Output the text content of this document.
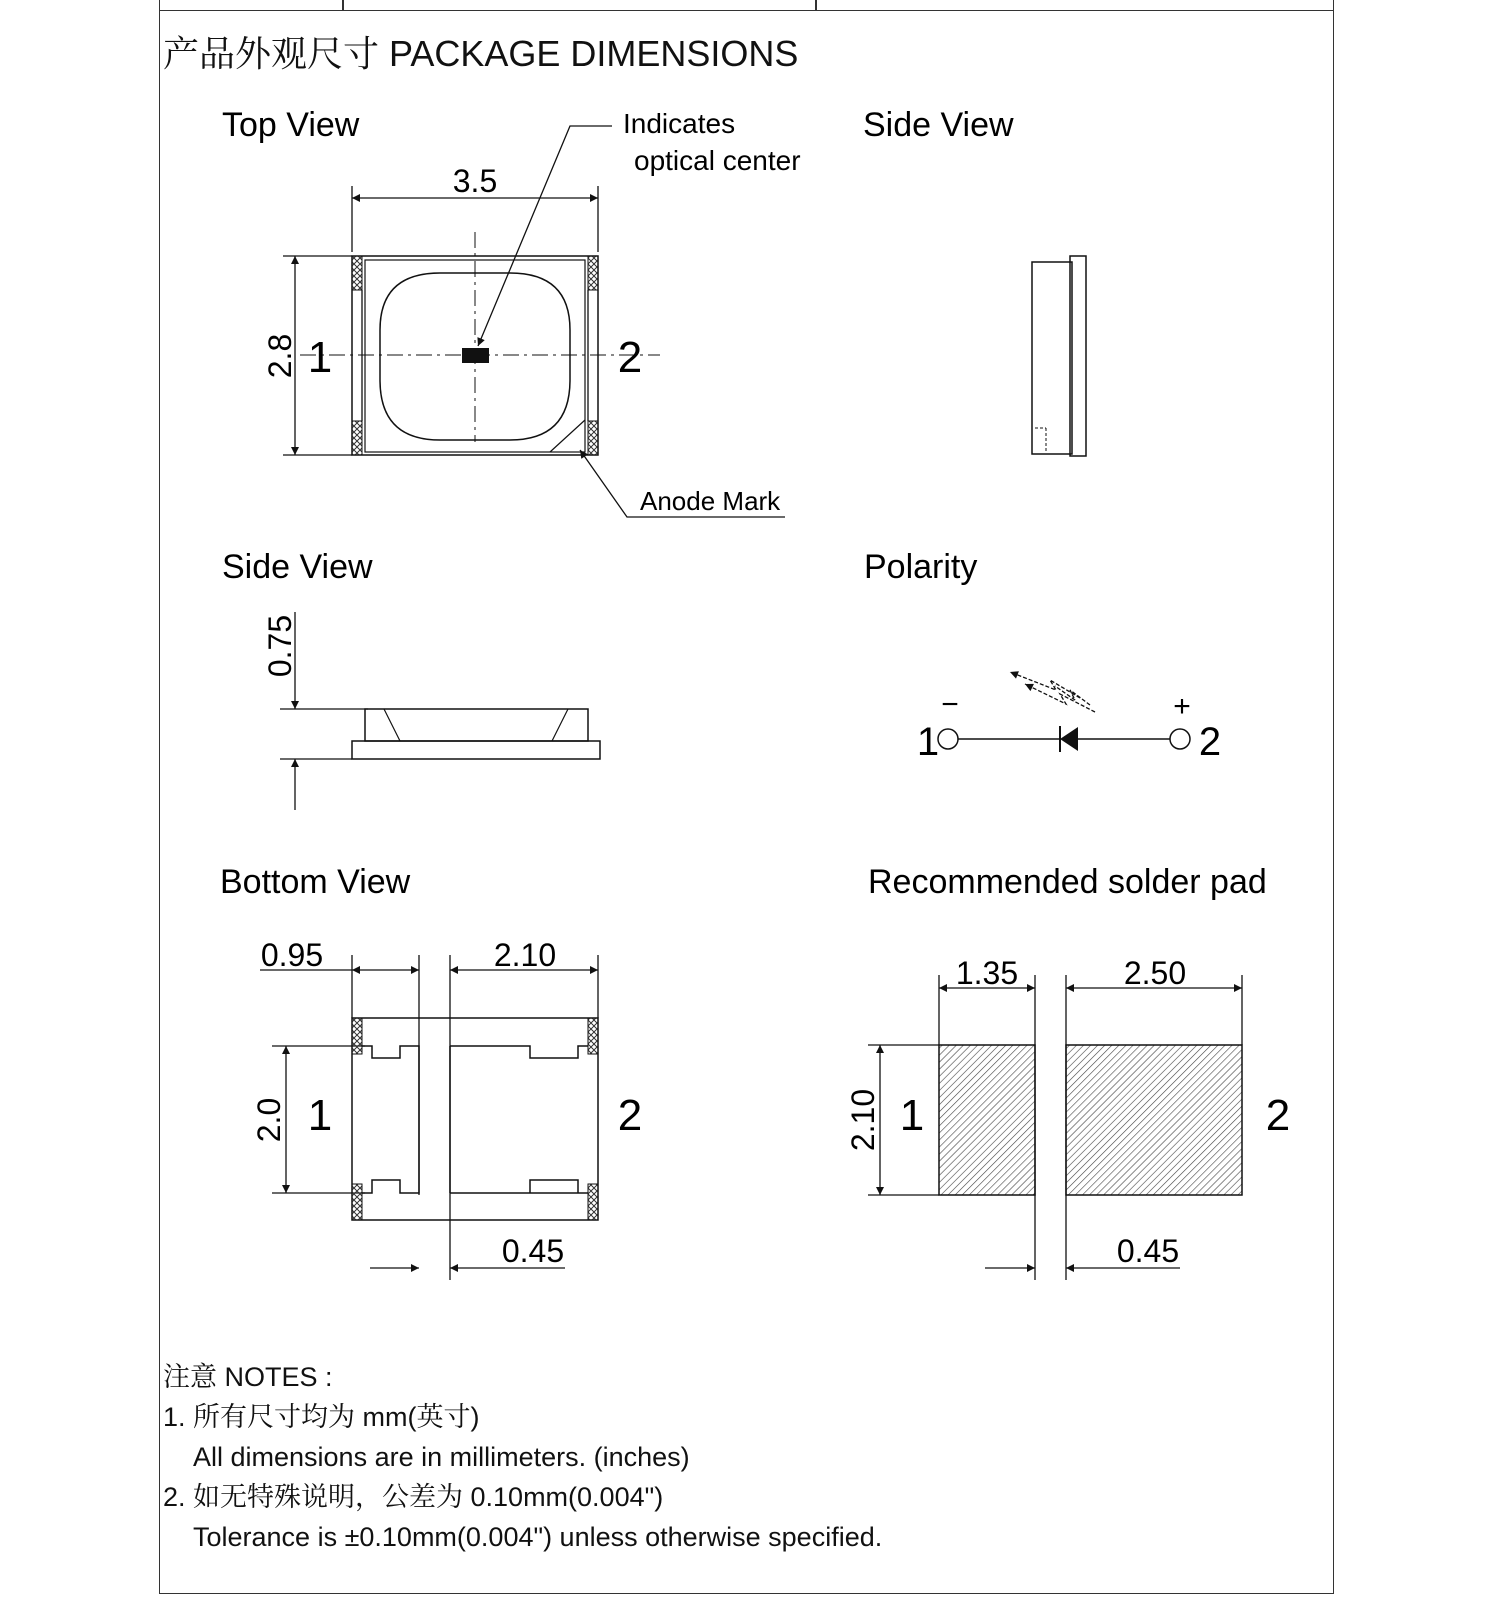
产品外观尺寸 PACKAGE DIMENSIONS
Top View
3.5
2.8 1	2
Indicates
optical center
Anode Mark
Side View
Side View
0.75
Polarity
1	2
−	+
Bottom View
0.95	2.10
2.0 1	2
0.45
Recommended solder pad
1.35	2.50
2.10 1	2
0.45
注意 NOTES :
1. 所有尺寸均为 mm(英寸)
All dimensions are in millimeters. (inches)
2. 如无特殊说明，公差为 0.10mm(0.004")
Tolerance is ±0.10mm(0.004") unless otherwise specified.
